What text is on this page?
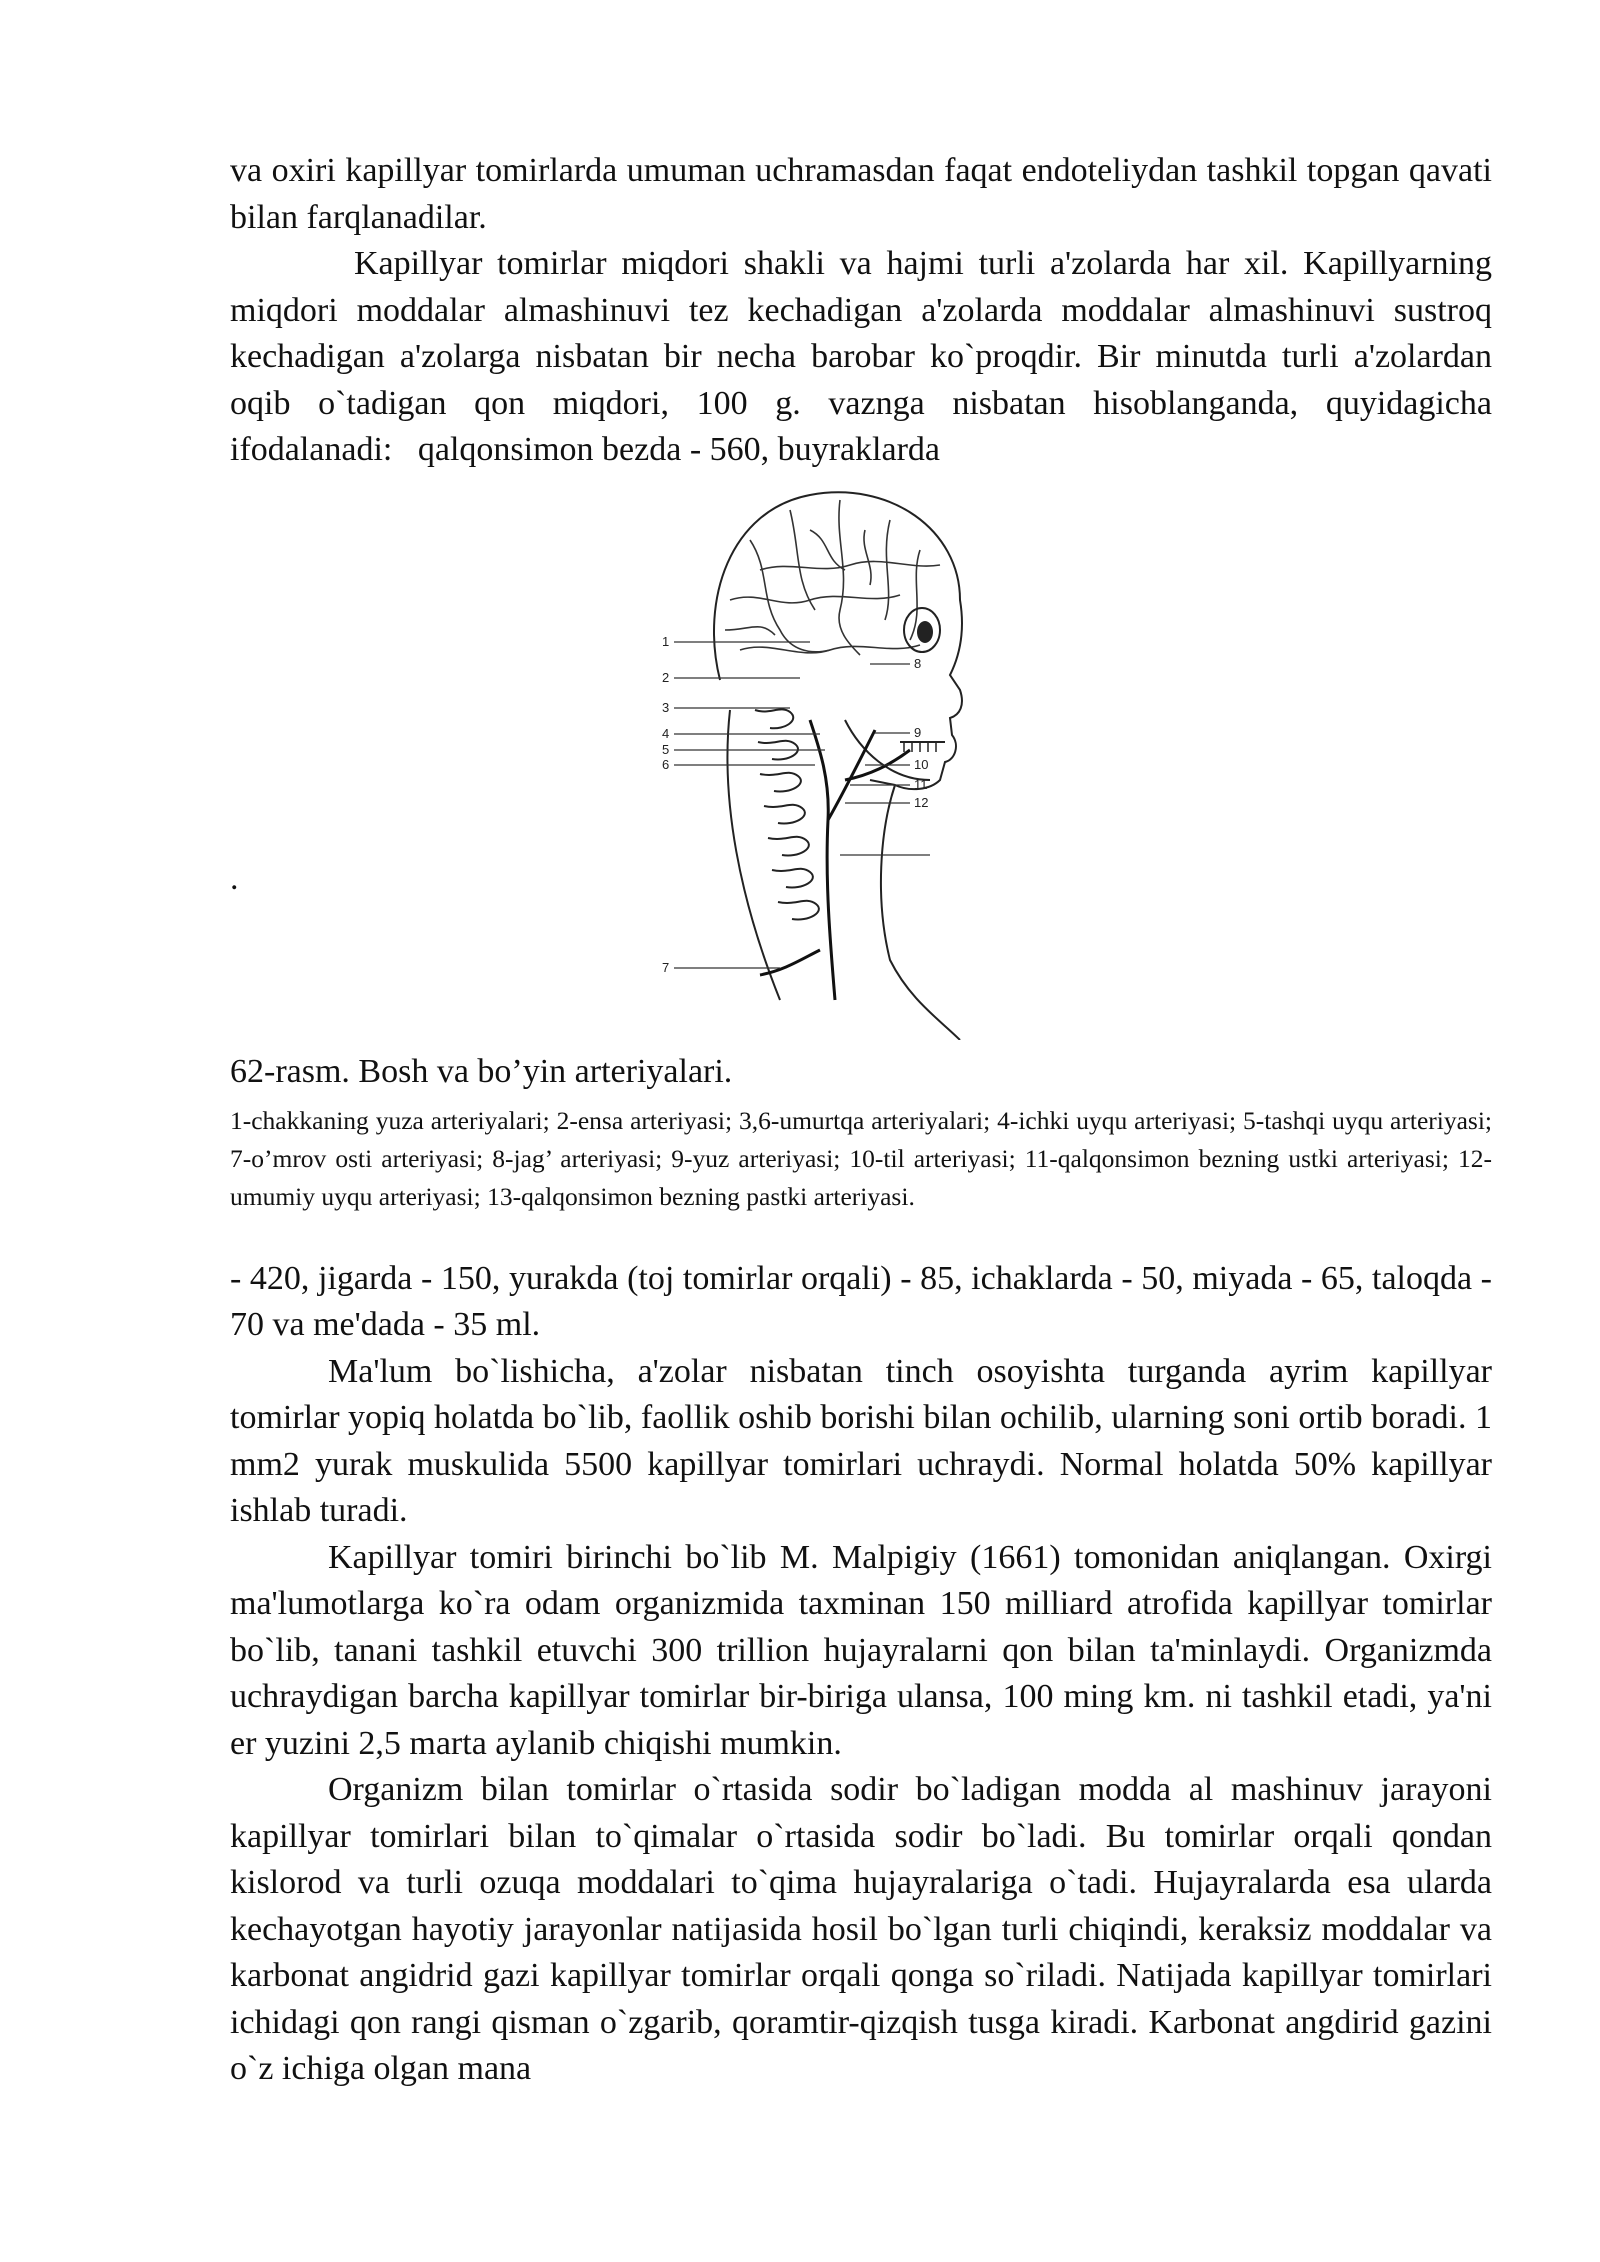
va oxiri kapillyar tomirlarda umuman uchramasdan faqat endoteliydan tashkil topgan qavati bilan farqlanadilar.

Kapillyar tomirlar miqdori shakli va hajmi turli a'zolarda har xil. Kapillyarning miqdori moddalar almashinuvi tez kechadigan a'zolarda moddalar almashinuvi sustroq kechadigan a'zolarga nisbatan bir necha barobar ko`proqdir. Bir minutda turli a'zolardan oqib o`tadigan qon miqdori, 100 g. vaznga nisbatan hisoblanganda, quyidagicha ifodalanadi: qalqonsimon bezda - 560, buyraklarda

.
1
2
3
4
5
6
7
8
9
10
11
12

62-rasm. Bosh va bo’yin arteriyalari.

1-chakkaning yuza arteriyalari; 2-ensa arteriyasi; 3,6-umurtqa arteriyalari; 4-ichki uyqu arteriyasi; 5-tashqi uyqu arteriyasi; 7-o’mrov osti arteriyasi; 8-jag’ arteriyasi; 9-yuz arteriyasi; 10-til arteriyasi; 11-qalqonsimon bezning ustki arteriyasi; 12-umumiy uyqu arteriyasi; 13-qalqonsimon bezning pastki arteriyasi.

- 420, jigarda - 150, yurakda (toj tomirlar orqali) - 85, ichaklarda - 50, miyada - 65, taloqda - 70 va me'dada - 35 ml.

Ma'lum bo`lishicha, a'zolar nisbatan tinch osoyishta turganda ayrim kapillyar tomirlar yopiq holatda bo`lib, faollik oshib borishi bilan ochilib, ularning soni ortib boradi. 1 mm2 yurak muskulida 5500 kapillyar tomirlari uchraydi. Normal holatda 50% kapillyar ishlab turadi.

Kapillyar tomiri birinchi bo`lib M. Malpigiy (1661) tomonidan aniqlangan. Oxirgi ma'lumotlarga ko`ra odam organizmida taxminan 150 milliard atrofida kapillyar tomirlar bo`lib, tanani tashkil etuvchi 300 trillion hujayralarni qon bilan ta'minlaydi. Organizmda uchraydigan barcha kapillyar tomirlar bir-biriga ulansa, 100 ming km. ni tashkil etadi, ya'ni er yuzini 2,5 marta aylanib chiqishi mumkin.

Organizm bilan tomirlar o`rtasida sodir bo`ladigan modda al mashinuv jarayoni kapillyar tomirlari bilan to`qimalar o`rtasida sodir bo`ladi. Bu tomirlar orqali qondan kislorod va turli ozuqa moddalari to`qima hujayralariga o`tadi. Hujayralarda esa ularda kechayotgan hayotiy jarayonlar natijasida hosil bo`lgan turli chiqindi, keraksiz moddalar va karbonat angidrid gazi kapillyar tomirlar orqali qonga so`riladi. Natijada kapillyar tomirlari ichidagi qon rangi qisman o`zgarib, qoramtir-qizqish tusga kiradi. Karbonat angdirid gazini o`z ichiga olgan mana
